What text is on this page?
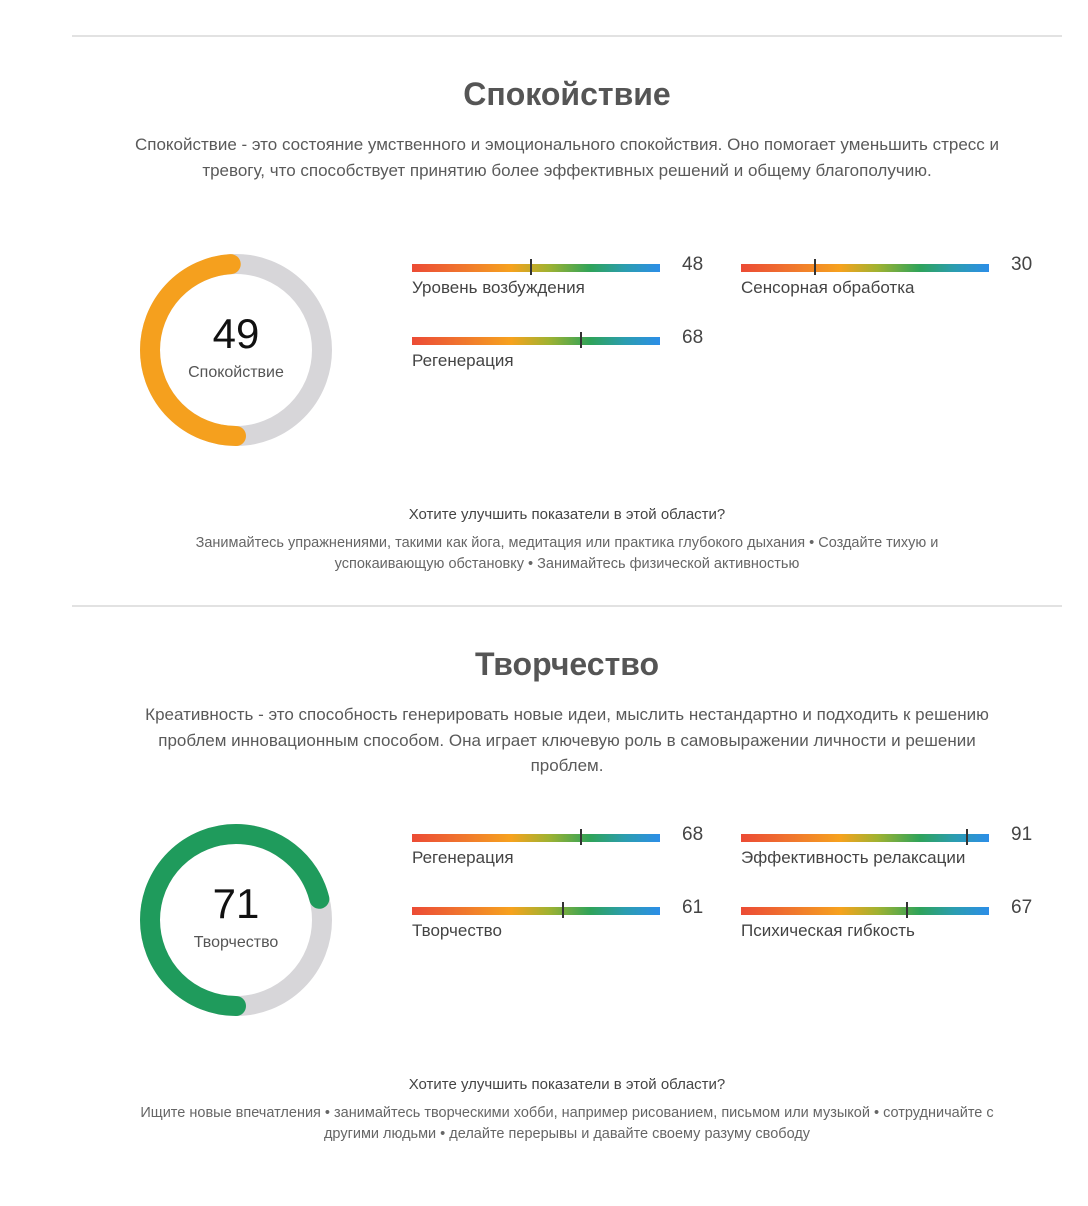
Спокойствие
Спокойствие - это состояние умственного и эмоционального спокойствия. Оно помогает уменьшить стресс и тревогу, что способствует принятию более эффективных решений и общему благополучию.
49
Спокойствие
48
Уровень возбуждения
30
Сенсорная обработка
68
Регенерация
Хотите улучшить показатели в этой области?
Занимайтесь упражнениями, такими как йога, медитация или практика глубокого дыхания • Создайте тихую и успокаивающую обстановку • Занимайтесь физической активностью
Творчество
Креативность - это способность генерировать новые идеи, мыслить нестандартно и подходить к решению проблем инновационным способом. Она играет ключевую роль в самовыражении личности и решении проблем.
71
Творчество
68
Регенерация
91
Эффективность релаксации
61
Творчество
67
Психическая гибкость
Хотите улучшить показатели в этой области?
Ищите новые впечатления • занимайтесь творческими хобби, например рисованием, письмом или музыкой • сотрудничайте с другими людьми • делайте перерывы и давайте своему разуму свободу
